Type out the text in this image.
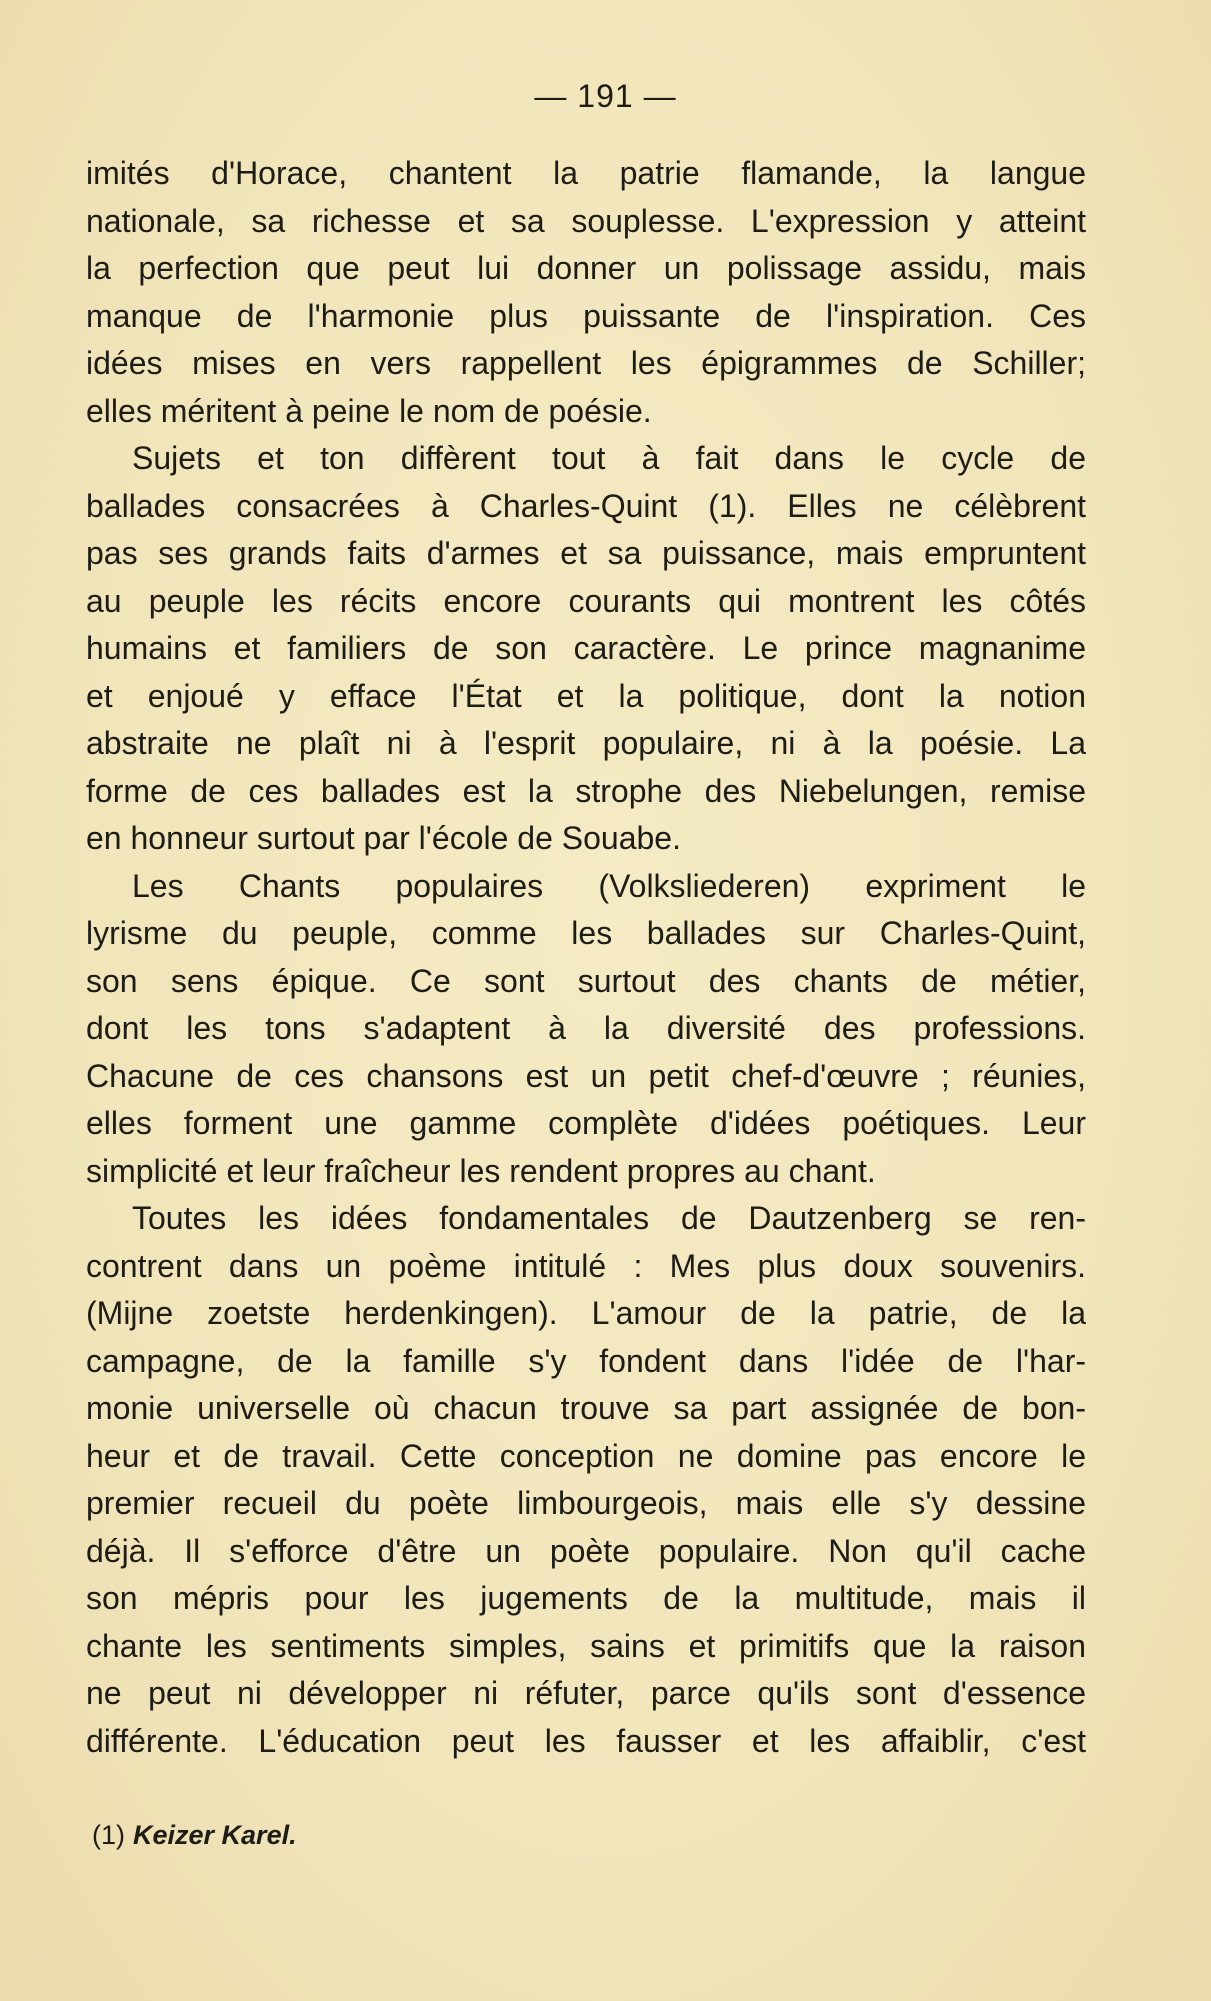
— 191 —
imités d'Horace, chantent la patrie flamande, la langue
nationale, sa richesse et sa souplesse. L'expression y atteint
la perfection que peut lui donner un polissage assidu, mais
manque de l'harmonie plus puissante de l'inspiration. Ces
idées mises en vers rappellent les épigrammes de Schiller;
elles méritent à peine le nom de poésie.
Sujets et ton diffèrent tout à fait dans le cycle de
ballades consacrées à Charles-Quint (1). Elles ne célèbrent
pas ses grands faits d'armes et sa puissance, mais empruntent
au peuple les récits encore courants qui montrent les côtés
humains et familiers de son caractère. Le prince magnanime
et enjoué y efface l'État et la politique, dont la notion
abstraite ne plaît ni à l'esprit populaire, ni à la poésie. La
forme de ces ballades est la strophe des Niebelungen, remise
en honneur surtout par l'école de Souabe.
Les Chants populaires (Volksliederen) expriment le
lyrisme du peuple, comme les ballades sur Charles-Quint,
son sens épique. Ce sont surtout des chants de métier,
dont les tons s'adaptent à la diversité des professions.
Chacune de ces chansons est un petit chef-d'œuvre ; réunies,
elles forment une gamme complète d'idées poétiques. Leur
simplicité et leur fraîcheur les rendent propres au chant.
Toutes les idées fondamentales de Dautzenberg se ren-
contrent dans un poème intitulé : Mes plus doux souvenirs.
(Mijne zoetste herdenkingen). L'amour de la patrie, de la
campagne, de la famille s'y fondent dans l'idée de l'har-
monie universelle où chacun trouve sa part assignée de bon-
heur et de travail. Cette conception ne domine pas encore le
premier recueil du poète limbourgeois, mais elle s'y dessine
déjà. Il s'efforce d'être un poète populaire. Non qu'il cache
son mépris pour les jugements de la multitude, mais il
chante les sentiments simples, sains et primitifs que la raison
ne peut ni développer ni réfuter, parce qu'ils sont d'essence
différente. L'éducation peut les fausser et les affaiblir, c'est
(1) Keizer Karel.
